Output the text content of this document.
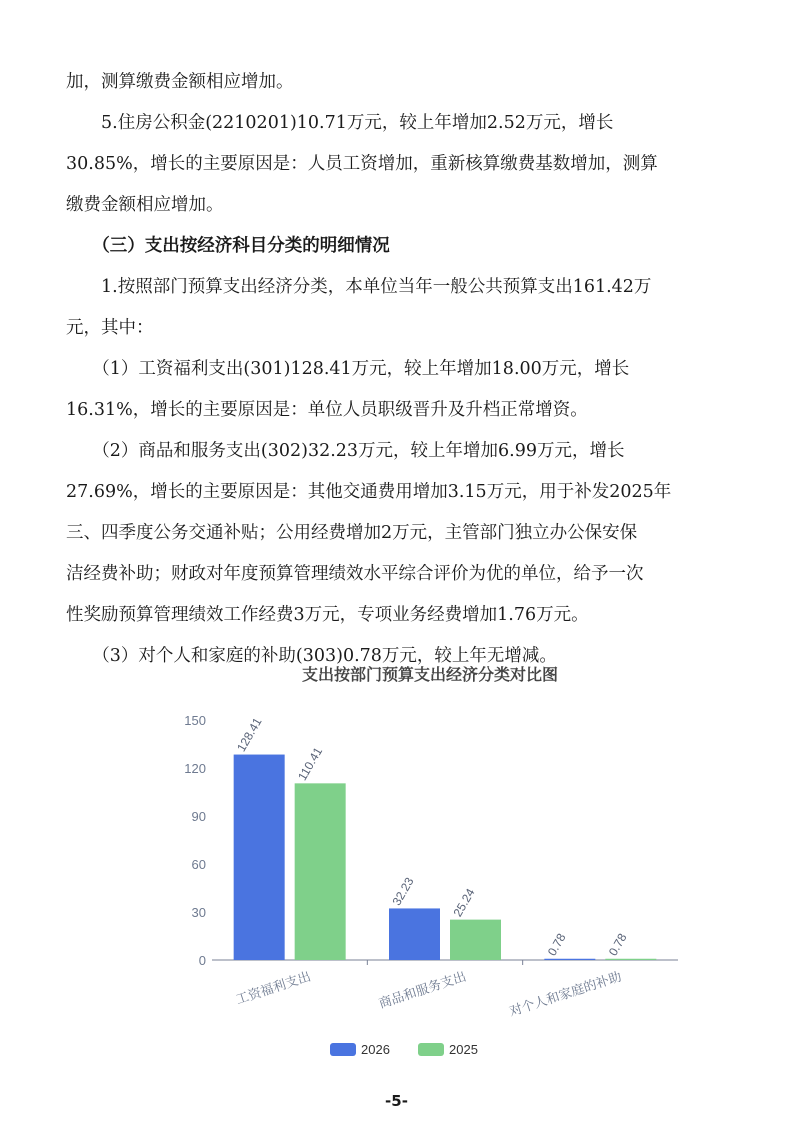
加，测算缴费金额相应增加。
　　5.住房公积金(2210201)10.71万元，较上年增加2.52万元，增长
30.85%，增长的主要原因是：人员工资增加，重新核算缴费基数增加，测算
缴费金额相应增加。
　　（三）支出按经济科目分类的明细情况
　　1.按照部门预算支出经济分类，本单位当年一般公共预算支出161.42万
元，其中：
　　（1）工资福利支出(301)128.41万元，较上年增加18.00万元，增长
16.31%，增长的主要原因是：单位人员职级晋升及升档正常增资。
　　（2）商品和服务支出(302)32.23万元，较上年增加6.99万元，增长
27.69%，增长的主要原因是：其他交通费用增加3.15万元，用于补发2025年
三、四季度公务交通补贴；公用经费增加2万元，主管部门独立办公保安保
洁经费补助；财政对年度预算管理绩效水平综合评价为优的单位，给予一次
性奖励预算管理绩效工作经费3万元，专项业务经费增加1.76万元。
　　（3）对个人和家庭的补助(303)0.78万元，较上年无增减。
支出按部门预算支出经济分类对比图
0
30
60
90
120
150 128.41
110.41
工资福利支出
32.23	25.24
商品和服务支出
0.78	0.78
对个人和家庭的补助
2026	2025
-5-
